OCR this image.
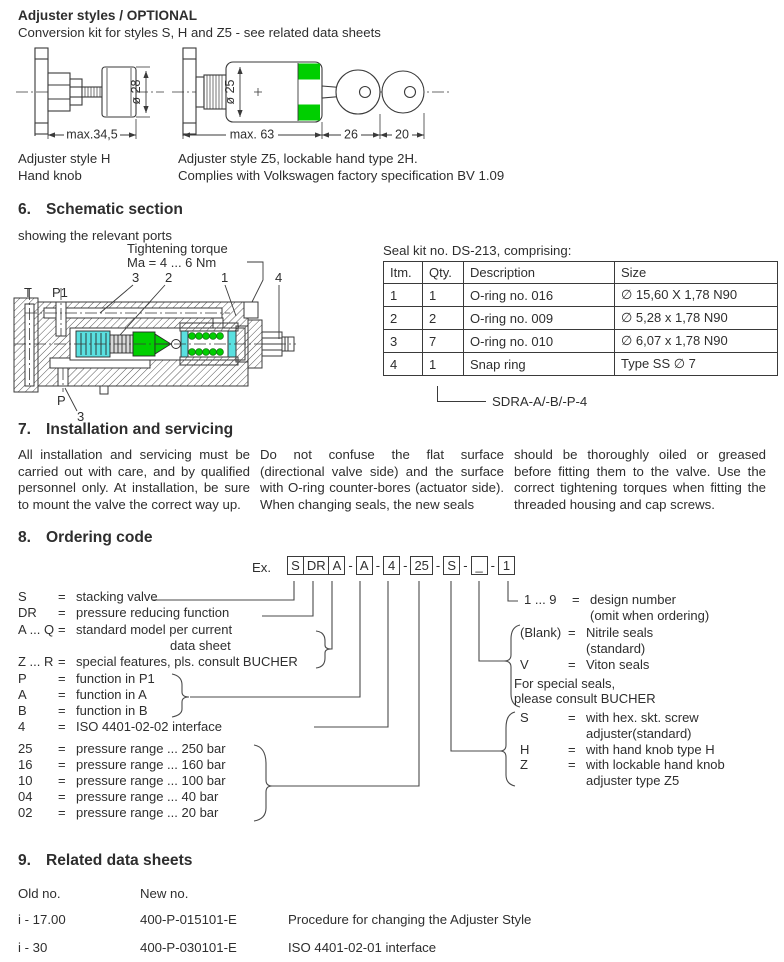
Adjuster styles / OPTIONAL
Conversion kit for styles S, H and Z5 - see related data sheets
max.34,5
ø 28
max. 63	26	20
ø 25
Adjuster style H
Hand knob
Adjuster style Z5, lockable hand type 2H.
Complies with Volkswagen factory specification BV 1.09
6. Schematic section
showing the relevant ports
Tightening torque
Ma = 4 ... 6 Nm
3 2	1	4
T P1
P
3
Seal kit no. DS-213, comprising:
Itm.	Qty.	Description	Size
1	1	O-ring no. 016	∅ 15,60 X 1,78 N90
2	2	O-ring no. 009	∅ 5,28 x 1,78 N90
3	7	O-ring no. 010	∅ 6,07 x 1,78 N90
4	1	Snap ring	Type SS ∅ 7
SDRA-A/-B/-P-4
7. Installation and servicing
All installation and servicing must be carried out with care, and by qualified personnel only. At installation, be sure to mount the valve the correct way up.
Do not confuse the flat surface (directional valve side) and the surface with O-ring counter-bores (actuator side). When changing seals, the new seals
should be thoroughly oiled or greased before fitting them to the valve. Use the correct tightening torques when fitting the threaded housing and cap screws.
8. Ordering code
Ex.	S DR A - A - 4 - 25 - S - _ - 1
S = stacking valve
DR = pressure reducing function
A ... Q = standard model per current
data sheet
Z ... R = special features, pls. consult BUCHER
P = function in P1
A = function in A
B = function in B
4	= ISO 4401-02-02 interface
25 = pressure range ... 250 bar
16 = pressure range ... 160 bar
10 = pressure range ... 100 bar
04 = pressure range ... 40 bar
02 = pressure range ... 20 bar
1 ... 9 = design number
(omit when ordering)
(Blank) = Nitrile seals
(standard)
V	= Viton seals
For special seals,
please consult BUCHER
S	= with hex. skt. screw
adjuster(standard)
H	= with hand knob type H
Z	= with lockable hand knob
adjuster type Z5
9. Related data sheets
Old no.	New no.
i - 17.00	400-P-015101-E	Procedure for changing the Adjuster Style
i - 30	400-P-030101-E	ISO 4401-02-01 interface
